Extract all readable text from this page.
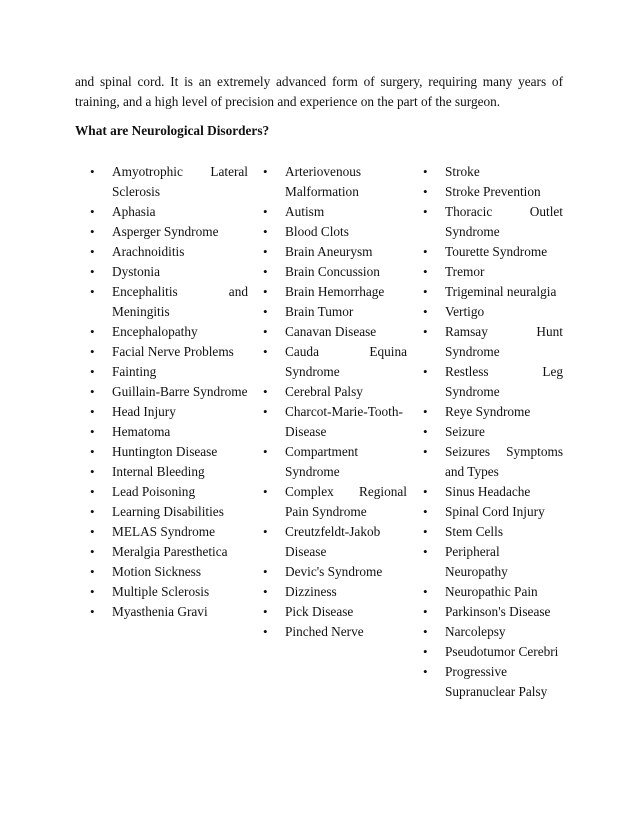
and spinal cord. It is an extremely advanced form of surgery, requiring many years of training, and a high level of precision and experience on the part of the surgeon.

What are Neurological Disorders?
• Amyotrophic Lateral Sclerosis
• Aphasia
• Asperger Syndrome
• Arachnoiditis
• Dystonia
• Encephalitis and Meningitis
• Encephalopathy
• Facial Nerve Problems
• Fainting
• Guillain-Barre Syndrome
• Head Injury
• Hematoma
• Huntington Disease
• Internal Bleeding
• Lead Poisoning
• Learning Disabilities
• MELAS Syndrome
• Meralgia Paresthetica
• Motion Sickness
• Multiple Sclerosis
• Myasthenia Gravi
• Arteriovenous Malformation
• Autism
• Blood Clots
• Brain Aneurysm
• Brain Concussion
• Brain Hemorrhage
• Brain Tumor
• Canavan Disease
• Cauda Equina Syndrome
• Cerebral Palsy
• Charcot-Marie-Tooth-Disease
• Compartment Syndrome
• Complex Regional Pain Syndrome
• Creutzfeldt-Jakob Disease
• Devic's Syndrome
• Dizziness
• Pick Disease
• Pinched Nerve
• Stroke
• Stroke Prevention
• Thoracic Outlet Syndrome
• Tourette Syndrome
• Tremor
• Trigeminal neuralgia
• Vertigo
• Ramsay Hunt Syndrome
• Restless Leg Syndrome
• Reye Syndrome
• Seizure
• Seizures Symptoms and Types
• Sinus Headache
• Spinal Cord Injury
• Stem Cells
• Peripheral Neuropathy
• Neuropathic Pain
• Parkinson's Disease
• Narcolepsy
• Pseudotumor Cerebri
• Progressive Supranuclear Palsy
